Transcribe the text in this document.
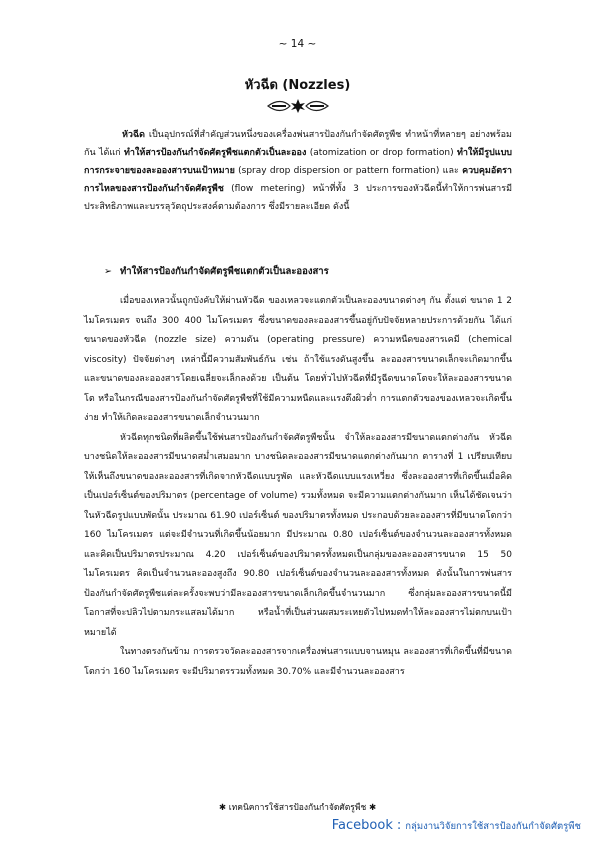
~ 14 ~
หัวฉีด (Nozzles)
หัวฉีด เป็นอุปกรณ์ที่สำคัญส่วนหนึ่งของเครื่องพ่นสารป้องกันกำจัดศัตรูพืช ทำหน้าที่หลายๆ อย่างพร้อมกัน ได้แก่ ทำให้สารป้องกันกำจัดศัตรูพืชแตกตัวเป็นละออง (atomization or drop formation) ทำให้มีรูปแบบการกระจายของละอองสารบนเป้าหมาย (spray drop dispersion or pattern formation) และ ควบคุมอัตราการไหลของสารป้องกันกำจัดศัตรูพืช (flow metering) หน้าที่ทั้ง 3 ประการของหัวฉีดนี้ทำให้การพ่นสารมีประสิทธิภาพและบรรลุวัตถุประสงค์ตามต้องการ ซึ่งมีรายละเอียด ดังนี้
➢ ทำให้สารป้องกันกำจัดศัตรูพืชแตกตัวเป็นละอองสาร

เมื่อของเหลวนั้นถูกบังคับให้ผ่านหัวฉีด ของเหลวจะแตกตัวเป็นละอองขนาดต่างๆ กัน ตั้งแต่ ขนาด 1 2 ไมโครเมตร จนถึง 300 400 ไมโครเมตร ซึ่งขนาดของละอองสารขึ้นอยู่กับปัจจัยหลายประการด้วยกัน ได้แก่ ขนาดของหัวฉีด (nozzle size) ความดัน (operating pressure) ความหนืดของสารเคมี (chemical viscosity) ปัจจัยต่างๆ เหล่านี้มีความสัมพันธ์กัน เช่น ถ้าใช้แรงดันสูงขึ้น ละอองสารขนาดเล็กจะเกิดมากขึ้น และขนาดของละอองสารโดยเฉลี่ยจะเล็กลงด้วย เป็นต้น โดยทั่วไปหัวฉีดที่มีรูฉีดขนาดโตจะให้ละอองสารขนาดโต หรือในกรณีของสารป้องกันกำจัดศัตรูพืชที่ใช้มีความหนืดและแรงตึงผิวต่ำ การแตกตัวของของเหลวจะเกิดขึ้นง่าย ทำให้เกิดละอองสารขนาดเล็กจำนวนมาก

หัวฉีดทุกชนิดที่ผลิตขึ้นใช้พ่นสารป้องกันกำจัดศัตรูพืชนั้น จำให้ละอองสารมีขนาดแตกต่างกัน หัวฉีดบางชนิดให้ละอองสารมีขนาดสม่ำเสมอมาก บางชนิดละอองสารมีขนาดแตกต่างกันมาก ตารางที่ 1 เปรียบเทียบให้เห็นถึงขนาดของละอองสารที่เกิดจากหัวฉีดแบบรูพัด และหัวฉีดแบบแรงเหวี่ยง ซึ่งละอองสารที่เกิดขึ้นเมื่อคิดเป็นเปอร์เซ็นต์ของปริมาตร (percentage of volume) รวมทั้งหมด จะมีความแตกต่างกันมาก เห็นได้ชัดเจนว่า ในหัวฉีดรูปแบบพัดนั้น ประมาณ 61.90 เปอร์เซ็นต์ ของปริมาตรทั้งหมด ประกอบด้วยละอองสารที่มีขนาดโตกว่า 160 ไมโครเมตร แต่จะมีจำนวนที่เกิดขึ้นน้อยมาก มีประมาณ 0.80 เปอร์เซ็นต์ของจำนวนละอองสารทั้งหมด และคิดเป็นปริมาตรประมาณ 4.20 เปอร์เซ็นต์ของปริมาตรทั้งหมดเป็นกลุ่มของละอองสารขนาด 15 50 ไมโครเมตร คิดเป็นจำนวนละอองสูงถึง 90.80 เปอร์เซ็นต์ของจำนวนละอองสารทั้งหมด ดังนั้นในการพ่นสารป้องกันกำจัดศัตรูพืชแต่ละครั้งจะพบว่ามีละอองสารขนาดเล็กเกิดขึ้นจำนวนมาก ซึ่งกลุ่มละอองสารขนาดนี้มีโอกาสที่จะปลิวไปตามกระแสลมได้มาก หรือน้ำที่เป็นส่วนผสมระเหยตัวไปหมดทำให้ละอองสารไม่ตกบนเป้าหมายได้

ในทางตรงกันข้าม การตรวจวัดละอองสารจากเครื่องพ่นสารแบบจานหมุน ละอองสารที่เกิดขึ้นที่มีขนาดโตกว่า 160 ไมโครเมตร จะมีปริมาตรรวมทั้งหมด 30.70% และมีจำนวนละอองสาร

✱ เทคนิคการใช้สารป้องกันกำจัดศัตรูพืช ✱
Facebook : กลุ่มงานวิจัยการใช้สารป้องกันกำจัดศัตรูพืช
